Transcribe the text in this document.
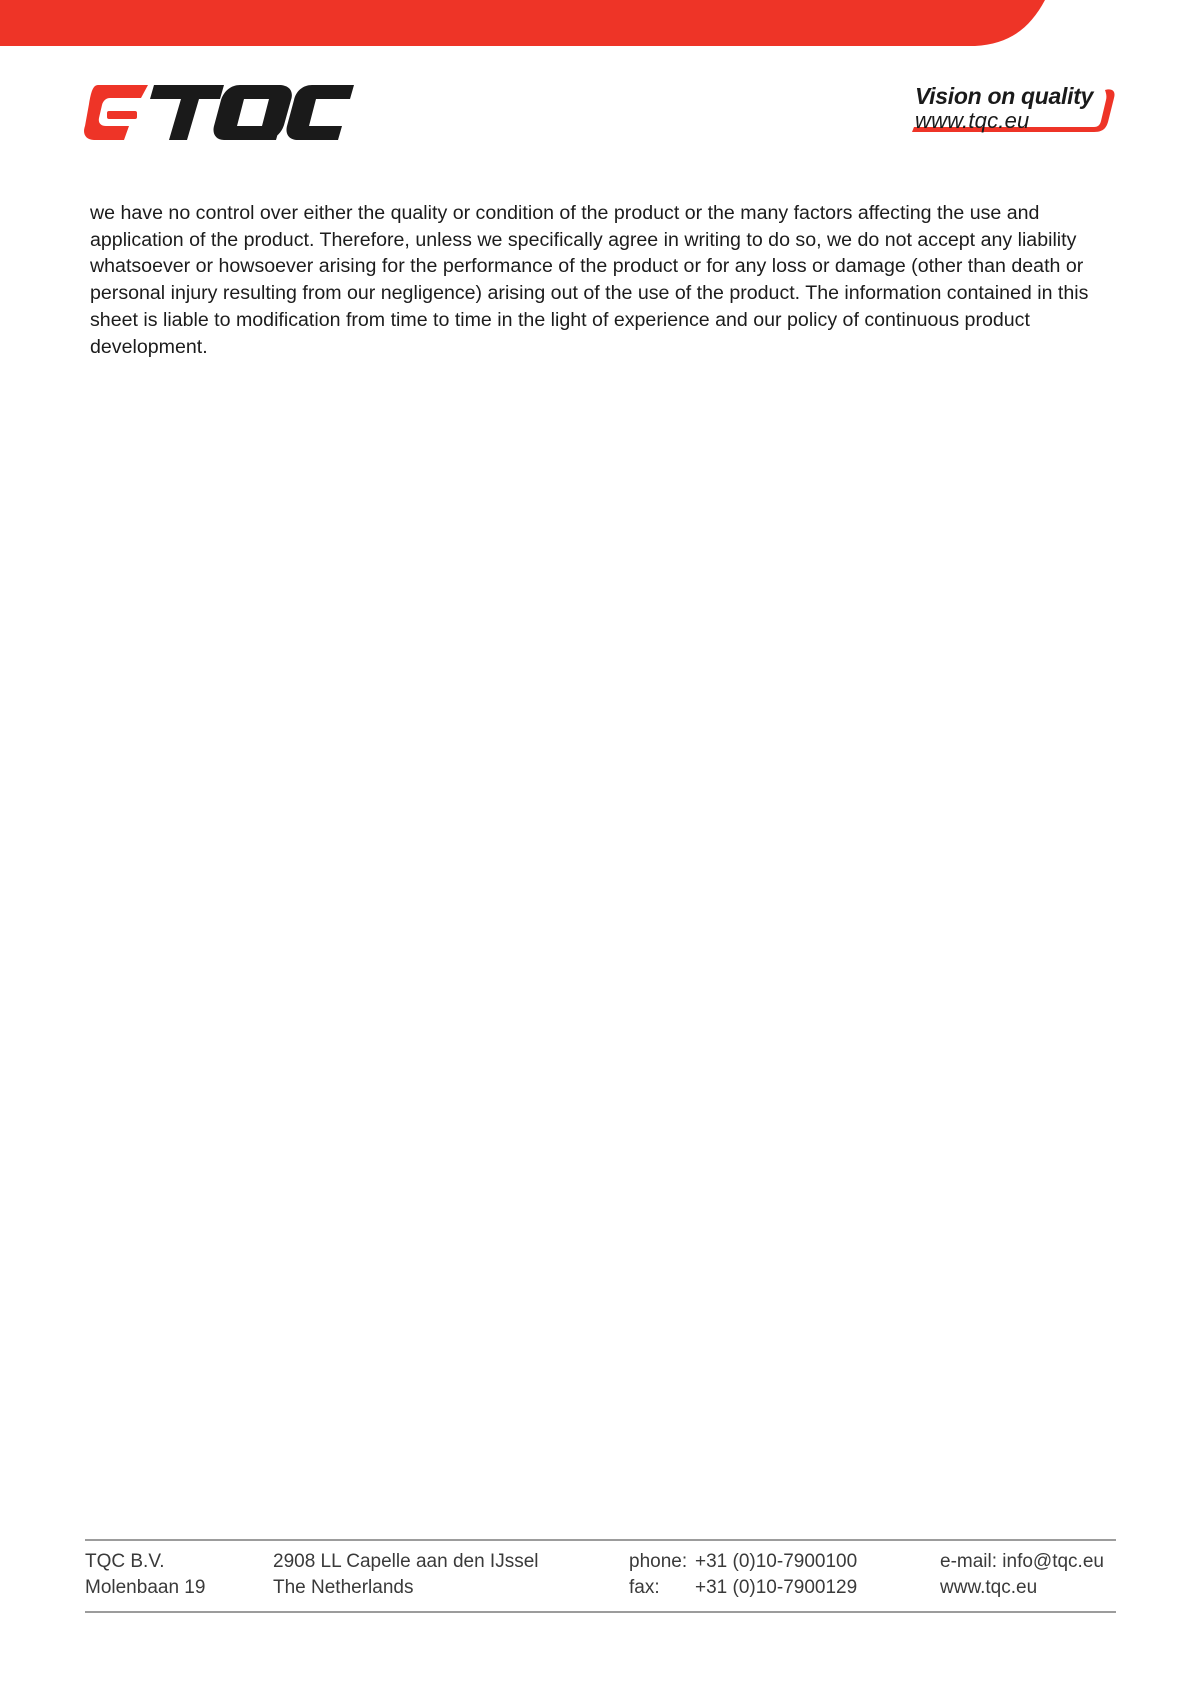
Vision on quality
www.tqc.eu

we have no control over either the quality or condition of the product or the many factors affecting the use and application of the product. Therefore, unless we specifically agree in writing to do so, we do not accept any liability whatsoever or howsoever arising for the performance of the product or for any loss or damage (other than death or personal injury resulting from our negligence) arising out of the use of the product. The information contained in this sheet is liable to modification from time to time in the light of experience and our policy of continuous product development.

TQC B.V.
Molenbaan 19
2908 LL Capelle aan den IJssel
The Netherlands
phone: +31 (0)10-7900100
fax: +31 (0)10-7900129
e-mail: info@tqc.eu
www.tqc.eu
